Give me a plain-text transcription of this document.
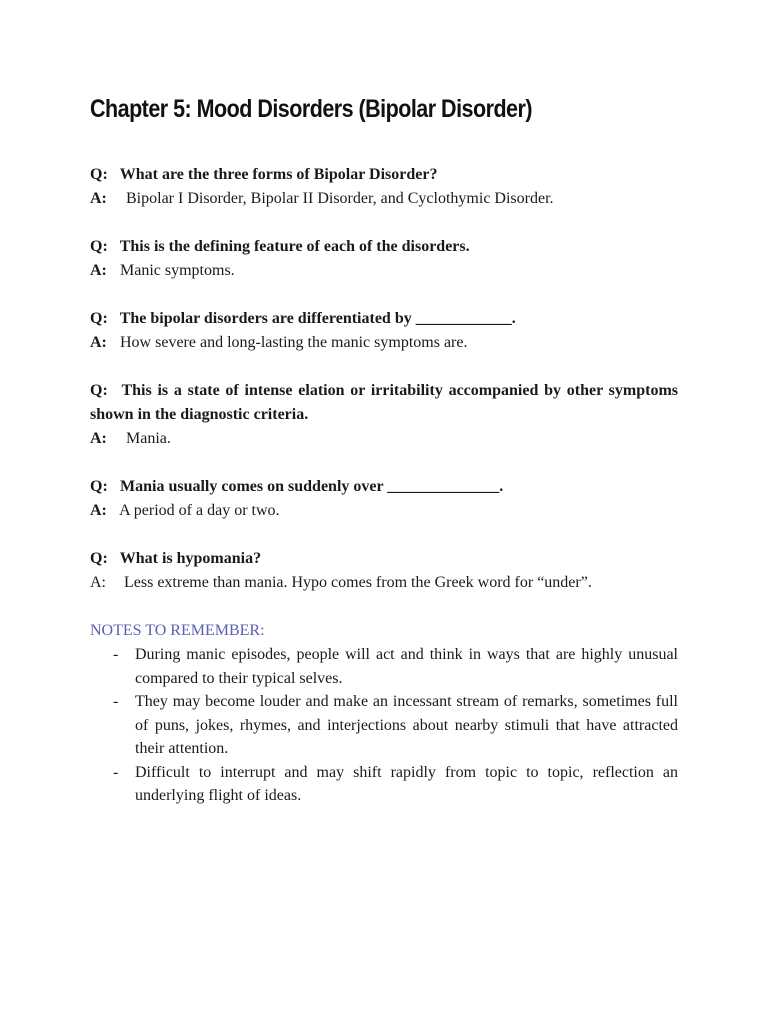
Chapter 5: Mood Disorders (Bipolar Disorder)
Q: What are the three forms of Bipolar Disorder?
A: Bipolar I Disorder, Bipolar II Disorder, and Cyclothymic Disorder.
Q: This is the defining feature of each of the disorders.
A: Manic symptoms.
Q: The bipolar disorders are differentiated by ____________.
A: How severe and long-lasting the manic symptoms are.
Q: This is a state of intense elation or irritability accompanied by other symptoms shown in the diagnostic criteria.
A: Mania.
Q: Mania usually comes on suddenly over ______________.
A: A period of a day or two.
Q: What is hypomania?
A: Less extreme than mania. Hypo comes from the Greek word for “under”.
NOTES TO REMEMBER:
- During manic episodes, people will act and think in ways that are highly unusual compared to their typical selves.
- They may become louder and make an incessant stream of remarks, sometimes full of puns, jokes, rhymes, and interjections about nearby stimuli that have attracted their attention.
- Difficult to interrupt and may shift rapidly from topic to topic, reflection an underlying flight of ideas.
